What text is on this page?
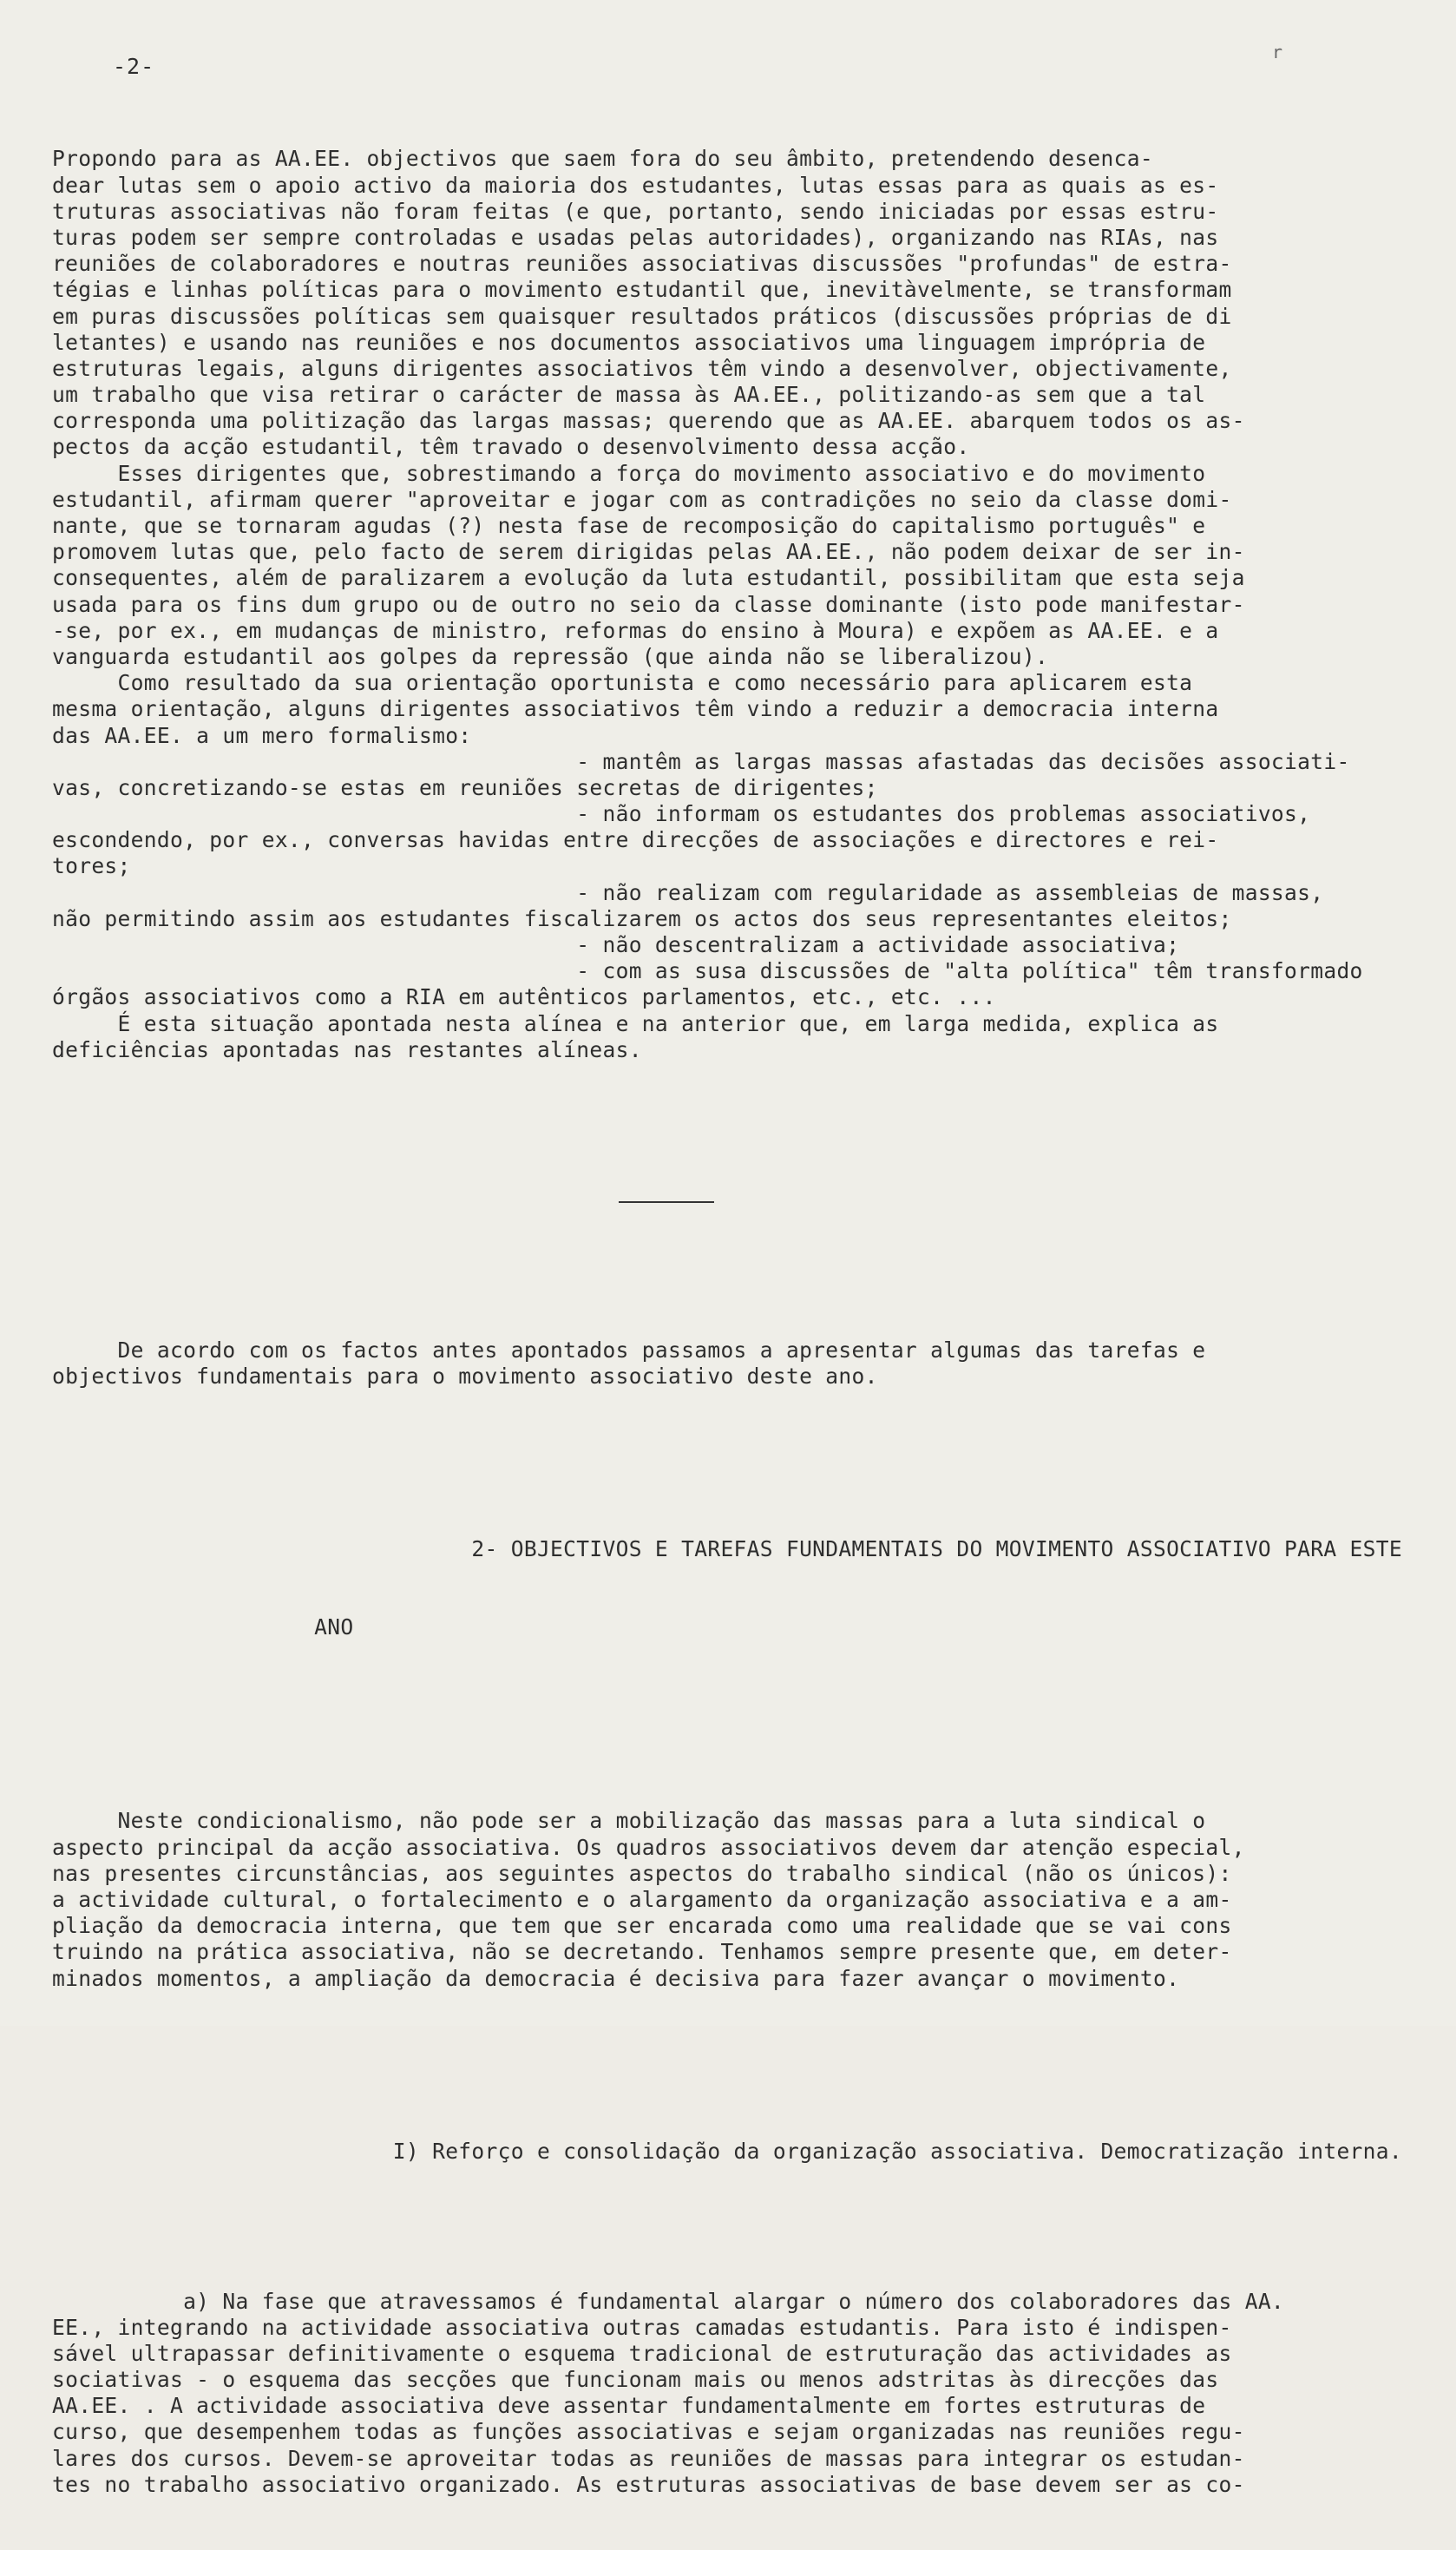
-2-
r

Propondo para as AA.EE. objectivos que saem fora do seu âmbito, pretendendo desenca-
dear lutas sem o apoio activo da maioria dos estudantes, lutas essas para as quais as es-
truturas associativas não foram feitas (e que, portanto, sendo iniciadas por essas estru-
turas podem ser sempre controladas e usadas pelas autoridades), organizando nas RIAs, nas
reuniões de colaboradores e noutras reuniões associativas discussões "profundas" de estra-
tégias e linhas políticas para o movimento estudantil que, inevitàvelmente, se transformam
em puras discussões políticas sem quaisquer resultados práticos (discussões próprias de di
letantes) e usando nas reuniões e nos documentos associativos uma linguagem imprópria de
estruturas legais, alguns dirigentes associativos têm vindo a desenvolver, objectivamente,
um trabalho que visa retirar o carácter de massa às AA.EE., politizando-as sem que a tal
corresponda uma politização das largas massas; querendo que as AA.EE. abarquem todos os as-
pectos da acção estudantil, têm travado o desenvolvimento dessa acção.
Esses dirigentes que, sobrestimando a força do movimento associativo e do movimento
estudantil, afirmam querer "aproveitar e jogar com as contradições no seio da classe domi-
nante, que se tornaram agudas (?) nesta fase de recomposição do capitalismo português" e
promovem lutas que, pelo facto de serem dirigidas pelas AA.EE., não podem deixar de ser in-
consequentes, além de paralizarem a evolução da luta estudantil, possibilitam que esta seja
usada para os fins dum grupo ou de outro no seio da classe dominante (isto pode manifestar-
-se, por ex., em mudanças de ministro, reformas do ensino à Moura) e expõem as AA.EE. e a
vanguarda estudantil aos golpes da repressão (que ainda não se liberalizou).
Como resultado da sua orientação oportunista e como necessário para aplicarem esta
mesma orientação, alguns dirigentes associativos têm vindo a reduzir a democracia interna
das AA.EE. a um mero formalismo:
- mantêm as largas massas afastadas das decisões associati-
vas, concretizando-se estas em reuniões secretas de dirigentes;
- não informam os estudantes dos problemas associativos,
escondendo, por ex., conversas havidas entre direcções de associações e directores e rei-
tores;
- não realizam com regularidade as assembleias de massas,
não permitindo assim aos estudantes fiscalizarem os actos dos seus representantes eleitos;
- não descentralizam a actividade associativa;
- com as susa discussões de "alta política" têm transformado
órgãos associativos como a RIA em autênticos parlamentos, etc., etc. ...
É esta situação apontada nesta alínea e na anterior que, em larga medida, explica as
deficiências apontadas nas restantes alíneas.

De acordo com os factos antes apontados passamos a apresentar algumas das tarefas e
objectivos fundamentais para o movimento associativo deste ano.

2- OBJECTIVOS E TAREFAS FUNDAMENTAIS DO MOVIMENTO ASSOCIATIVO PARA ESTE

ANO

Neste condicionalismo, não pode ser a mobilização das massas para a luta sindical o
aspecto principal da acção associativa. Os quadros associativos devem dar atenção especial,
nas presentes circunstâncias, aos seguintes aspectos do trabalho sindical (não os únicos):
a actividade cultural, o fortalecimento e o alargamento da organização associativa e a am-
pliação da democracia interna, que tem que ser encarada como uma realidade que se vai cons
truindo na prática associativa, não se decretando. Tenhamos sempre presente que, em deter-
minados momentos, a ampliação da democracia é decisiva para fazer avançar o movimento.

I) Reforço e consolidação da organização associativa. Democratização interna.

a) Na fase que atravessamos é fundamental alargar o número dos colaboradores das AA.
EE., integrando na actividade associativa outras camadas estudantis. Para isto é indispen-
sável ultrapassar definitivamente o esquema tradicional de estruturação das actividades as
sociativas - o esquema das secções que funcionam mais ou menos adstritas às direcções das
AA.EE. . A actividade associativa deve assentar fundamentalmente em fortes estruturas de
curso, que desempenhem todas as funções associativas e sejam organizadas nas reuniões regu-
lares dos cursos. Devem-se aproveitar todas as reuniões de massas para integrar os estudan-
tes no trabalho associativo organizado. As estruturas associativas de base devem ser as co-
